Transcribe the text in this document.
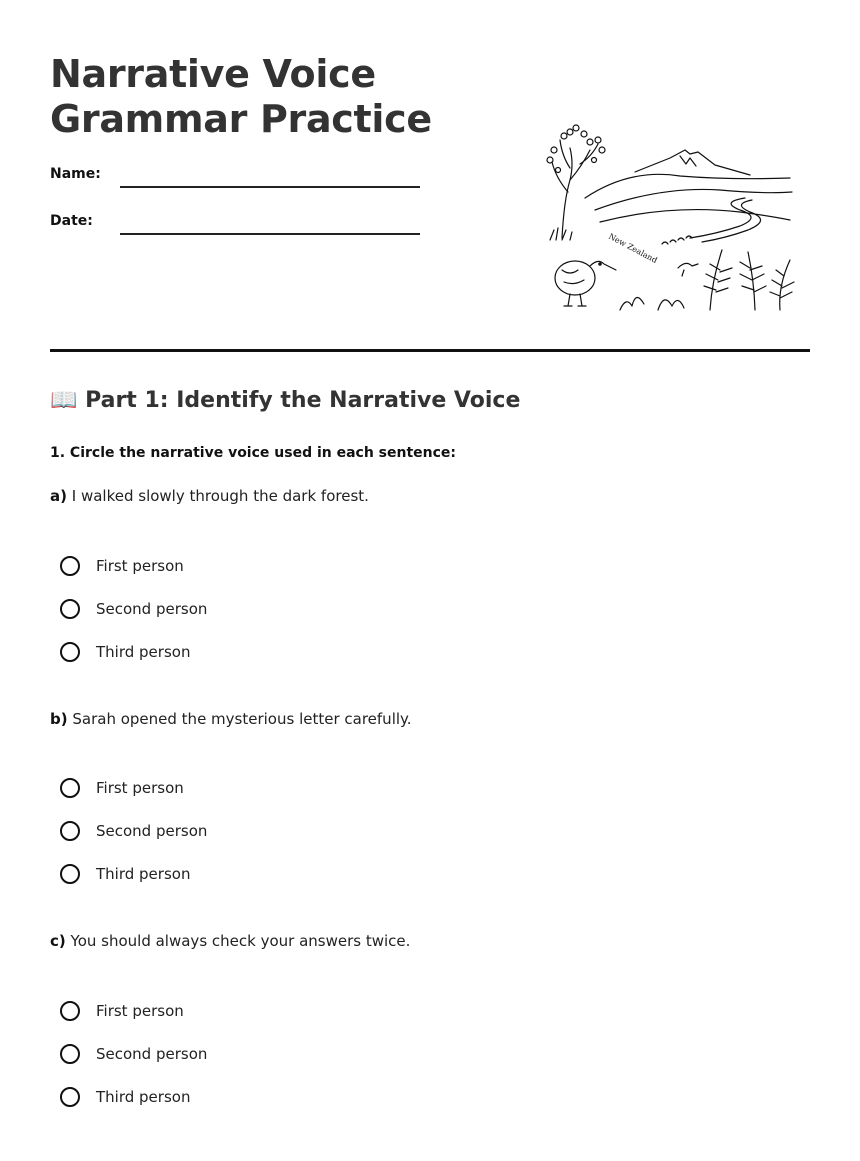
Narrative Voice
Grammar Practice
Name:
Date:
New Zealand
📖 Part 1: Identify the Narrative Voice
1. Circle the narrative voice used in each sentence:
a) I walked slowly through the dark forest.
First person
Second person
Third person
b) Sarah opened the mysterious letter carefully.
First person
Second person
Third person
c) You should always check your answers twice.
First person
Second person
Third person
